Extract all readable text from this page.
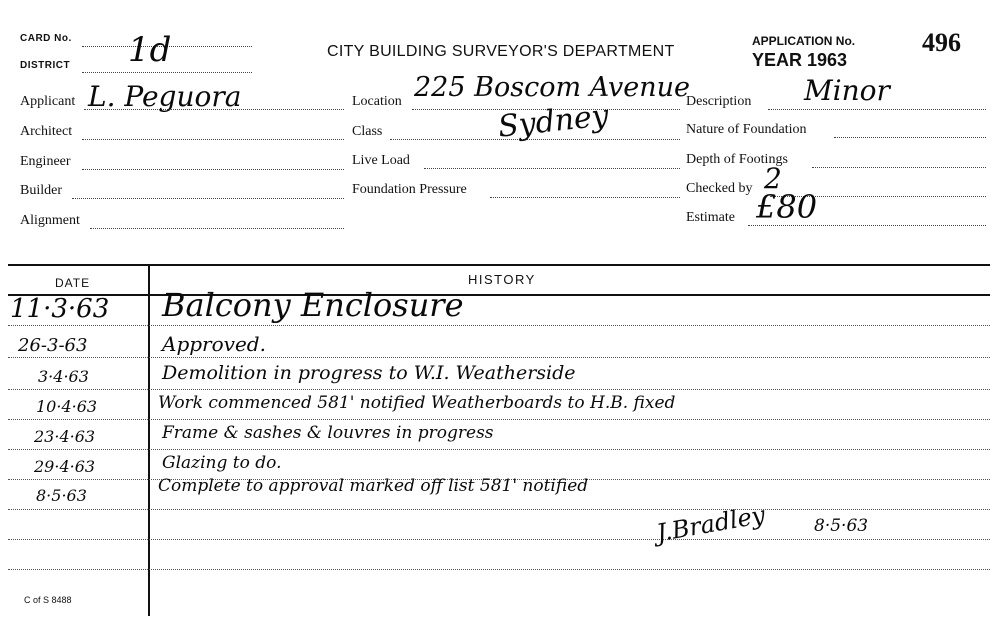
CARD No. 1d
DISTRICT
CITY BUILDING SURVEYOR'S DEPARTMENT
APPLICATION No.	496
YEAR 1963
Applicant L. Peguora
Architect
Engineer
Builder
Alignment
Location 225 Boscom Avenue
Class	Sydney
Live Load
Foundation Pressure
Description Minor
Nature of Foundation
Depth of Footings
Checked by 2
Estimate £80
DATE	HISTORY
11·3·63 Balcony Enclosure
26-3-63	Approved.
3·4·63	Demolition in progress to W.I. Weatherside
10·4·63	Work commenced 581' notified Weatherboards to H.B. fixed
23·4·63	Frame & sashes & louvres in progress
29·4·63	Glazing to do.
8·5·63	Complete to approval marked off list 581' notified
J.Bradley	8·5·63
C of S 8488
